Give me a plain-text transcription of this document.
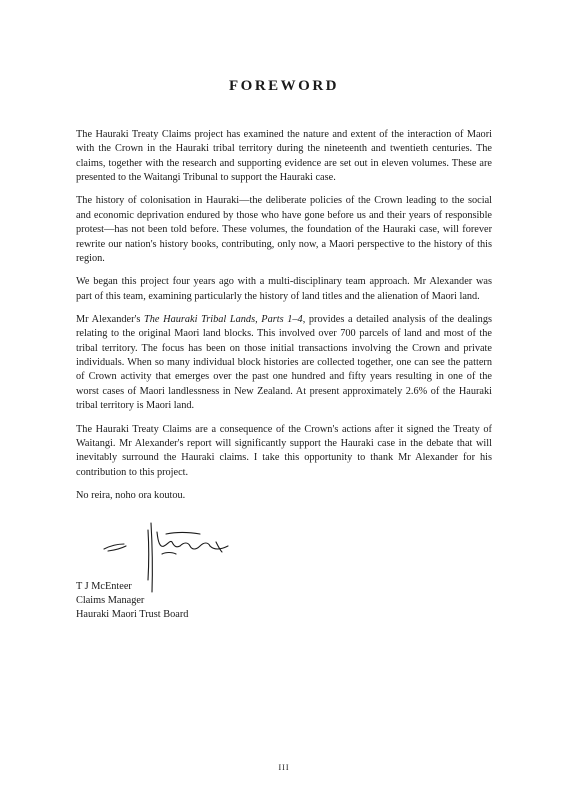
FOREWORD

The Hauraki Treaty Claims project has examined the nature and extent of the interaction of Maori with the Crown in the Hauraki tribal territory during the nineteenth and twentieth centuries. The claims, together with the research and supporting evidence are set out in eleven volumes. These are presented to the Waitangi Tribunal to support the Hauraki case.

The history of colonisation in Hauraki—the deliberate policies of the Crown leading to the social and economic deprivation endured by those who have gone before us and their years of responsible protest—has not been told before. These volumes, the foundation of the Hauraki case, will forever rewrite our nation's history books, contributing, only now, a Maori perspective to the history of this region.

We began this project four years ago with a multi-disciplinary team approach. Mr Alexander was part of this team, examining particularly the history of land titles and the alienation of Maori land.

Mr Alexander's The Hauraki Tribal Lands, Parts 1–4, provides a detailed analysis of the dealings relating to the original Maori land blocks. This involved over 700 parcels of land and most of the tribal territory. The focus has been on those initial transactions involving the Crown and private individuals. When so many individual block histories are collected together, one can see the pattern of Crown activity that emerges over the past one hundred and fifty years resulting in one of the worst cases of Maori landlessness in New Zealand. At present approximately 2.6% of the Hauraki tribal territory is Maori land.

The Hauraki Treaty Claims are a consequence of the Crown's actions after it signed the Treaty of Waitangi. Mr Alexander's report will significantly support the Hauraki case in the debate that will inevitably surround the Hauraki claims. I take this opportunity to thank Mr Alexander for his contribution to this project.

No reira, noho ora koutou.

T J McEnteer
Claims Manager
Hauraki Maori Trust Board
III
